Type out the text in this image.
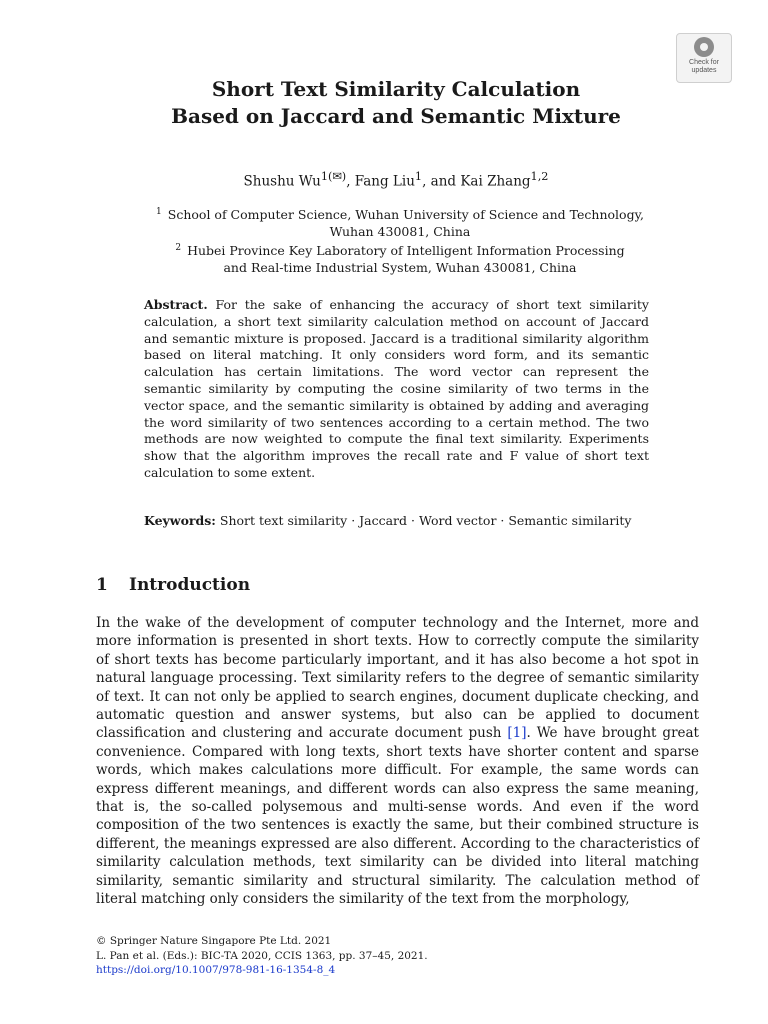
Check for
updates
Short Text Similarity Calculation
Based on Jaccard and Semantic Mixture
Shushu $Wu^{1(✉)}$, Fang Liu$^1$, and Kai Zhang$^{1,2}$
$^1$ School of Computer Science, Wuhan University of Science and Technology,
Wuhan 430081, China
$^2$ Hubei Province Key Laboratory of Intelligent Information Processing
and Real-time Industrial System, Wuhan 430081, China

Abstract. For the sake of enhancing the accuracy of short text similarity calculation, a short text similarity calculation method on account of Jaccard and semantic mixture is proposed. Jaccard is a traditional similarity algorithm based on literal matching. It only considers word form, and its semantic calculation has certain limitations. The word vector can represent the semantic similarity by computing the cosine similarity of two terms in the vector space, and the semantic similarity is obtained by adding and averaging the word similarity of two sentences according to a certain method. The two methods are now weighted to compute the final text similarity. Experiments show that the algorithm improves the recall rate and F value of short text calculation to some extent.

Keywords: Short text similarity · Jaccard · Word vector · Semantic similarity

1 Introduction

In the wake of the development of computer technology and the Internet, more and more information is presented in short texts. How to correctly compute the similarity of short texts has become particularly important, and it has also become a hot spot in natural language processing. Text similarity refers to the degree of semantic similarity of text. It can not only be applied to search engines, document duplicate checking, and automatic question and answer systems, but also can be applied to document classification and clustering and accurate document push [1]. We have brought great convenience. Compared with long texts, short texts have shorter content and sparse words, which makes calculations more difficult. For example, the same words can express different meanings, and different words can also express the same meaning, that is, the so-called polysemous and multi-sense words. And even if the word composition of the two sentences is exactly the same, but their combined structure is different, the meanings expressed are also different. According to the characteristics of similarity calculation methods, text similarity can be divided into literal matching similarity, semantic similarity and structural similarity. The calculation method of literal matching only considers the similarity of the text from the morphology,

© Springer Nature Singapore Pte Ltd. 2021
L. Pan et al. (Eds.): BIC-TA 2020, CCIS 1363, pp. 37–45, 2021.
https://doi.org/10.1007/978-981-16-1354-8_4
